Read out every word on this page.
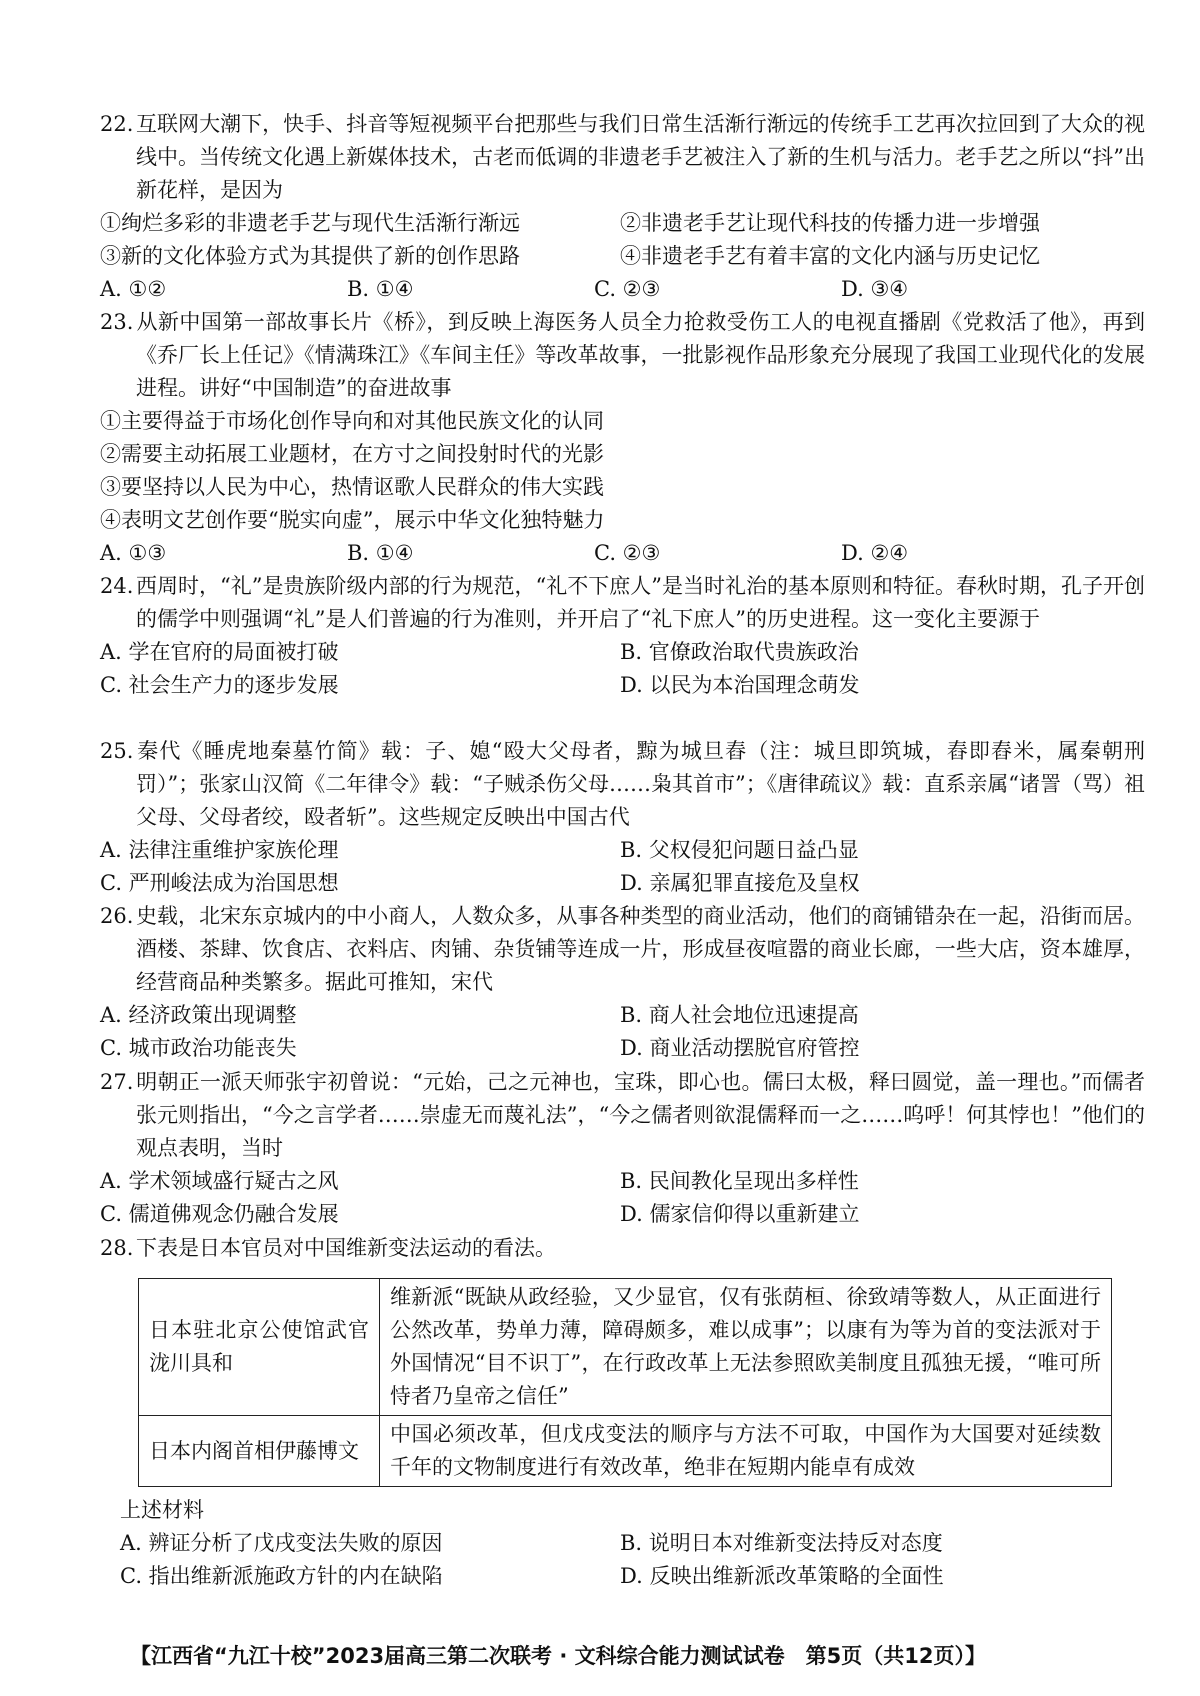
22. 互联网大潮下，快手、抖音等短视频平台把那些与我们日常生活渐行渐远的传统手工艺再次拉回到了大众的视线中。当传统文化遇上新媒体技术，古老而低调的非遗老手艺被注入了新的生机与活力。老手艺之所以“抖”出新花样，是因为

①绚烂多彩的非遗老手艺与现代生活渐行渐远	②非遗老手艺让现代科技的传播力进一步增强

③新的文化体验方式为其提供了新的创作思路	④非遗老手艺有着丰富的文化内涵与历史记忆

A. ①②	B. ①④	C. ②③	D. ③④

23. 从新中国第一部故事长片《桥》，到反映上海医务人员全力抢救受伤工人的电视直播剧《党救活了他》，再到《乔厂长上任记》《情满珠江》《车间主任》等改革故事，一批影视作品形象充分展现了我国工业现代化的发展进程。讲好“中国制造”的奋进故事

①主要得益于市场化创作导向和对其他民族文化的认同

②需要主动拓展工业题材，在方寸之间投射时代的光影

③要坚持以人民为中心，热情讴歌人民群众的伟大实践

④表明文艺创作要“脱实向虚”，展示中华文化独特魅力

A. ①③	B. ①④	C. ②③	D. ②④

24. 西周时，“礼”是贵族阶级内部的行为规范，“礼不下庶人”是当时礼治的基本原则和特征。春秋时期，孔子开创的儒学中则强调“礼”是人们普遍的行为准则，并开启了“礼下庶人”的历史进程。这一变化主要源于

A. 学在官府的局面被打破	B. 官僚政治取代贵族政治

C. 社会生产力的逐步发展	D. 以民为本治国理念萌发

25. 秦代《睡虎地秦墓竹简》载：子、媳“殴大父母者，黥为城旦舂（注：城旦即筑城，舂即舂米，属秦朝刑罚）”；张家山汉简《二年律令》载：“子贼杀伤父母……枭其首市”；《唐律疏议》载：直系亲属“诸詈（骂）祖父母、父母者绞，殴者斩”。这些规定反映出中国古代

A. 法律注重维护家族伦理	B. 父权侵犯问题日益凸显

C. 严刑峻法成为治国思想	D. 亲属犯罪直接危及皇权

26. 史载，北宋东京城内的中小商人，人数众多，从事各种类型的商业活动，他们的商铺错杂在一起，沿街而居。酒楼、茶肆、饮食店、衣料店、肉铺、杂货铺等连成一片，形成昼夜喧嚣的商业长廊，一些大店，资本雄厚，经营商品种类繁多。据此可推知，宋代

A. 经济政策出现调整	B. 商人社会地位迅速提高

C. 城市政治功能丧失	D. 商业活动摆脱官府管控

27. 明朝正一派天师张宇初曾说：“元始，己之元神也，宝珠，即心也。儒曰太极，释曰圆觉，盖一理也。”而儒者张元则指出，“今之言学者……崇虚无而蔑礼法”，“今之儒者则欲混儒释而一之……呜呼！何其悖也！”他们的观点表明，当时

A. 学术领域盛行疑古之风	B. 民间教化呈现出多样性

C. 儒道佛观念仍融合发展	D. 儒家信仰得以重新建立

28. 下表是日本官员对中国维新变法运动的看法。

日本驻北京公使馆武官泷川具和	维新派“既缺从政经验，又少显官，仅有张荫桓、徐致靖等数人，从正面进行公然改革，势单力薄，障碍颇多，难以成事”；以康有为等为首的变法派对于外国情况“目不识丁”，在行政改革上无法参照欧美制度且孤独无援，“唯可所恃者乃皇帝之信任”
日本内阁首相伊藤博文	中国必须改革，但戊戌变法的顺序与方法不可取，中国作为大国要对延续数千年的文物制度进行有效改革，绝非在短期内能卓有成效

上述材料

A. 辨证分析了戊戌变法失败的原因	B. 说明日本对维新变法持反对态度

C. 指出维新派施政方针的内在缺陷	D. 反映出维新派改革策略的全面性

【江西省“九江十校”2023届高三第二次联考 · 文科综合能力测试试卷　第5页（共12页）】
